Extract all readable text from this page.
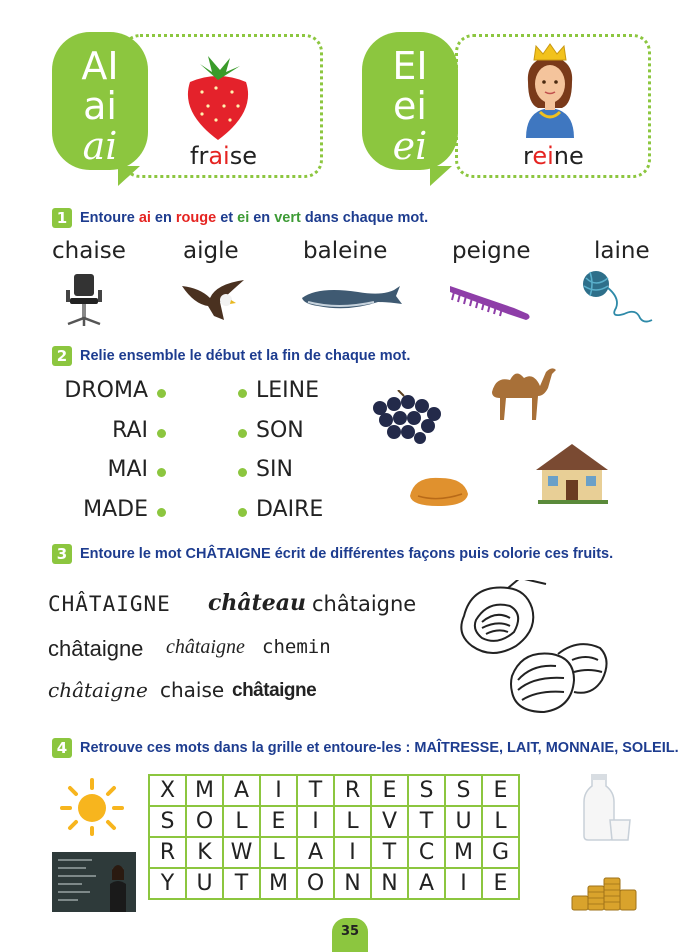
AI
ai
ai	fraise
EI
ei
ei	reine
1 Entoure ai en rouge et ei en vert dans chaque mot.
chaise aigle	baleine	peigne	laine
2 Relie ensemble le début et la fin de chaque mot.
DROMA
RAI
MAI
MADE
LEINE
SON
SIN
DAIRE
3 Entoure le mot CHÂTAIGNE écrit de différentes façons puis colorie ces fruits.
CHÂTAIGNE château châtaigne
châtaigne châtaigne chemin
châtaigne chaise châtaigne
4 Retrouve ces mots dans la grille et entoure-les : MAÎTRESSE, LAIT, MONNAIE, SOLEIL.
X	M	A	I	T	R	E	S	S	E
S	O	L	E	I	L	V	T	U	L
R	K	W	L	A	I	T	C	M	G
Y	U	T	M	O	N	N	A	I	E
35
